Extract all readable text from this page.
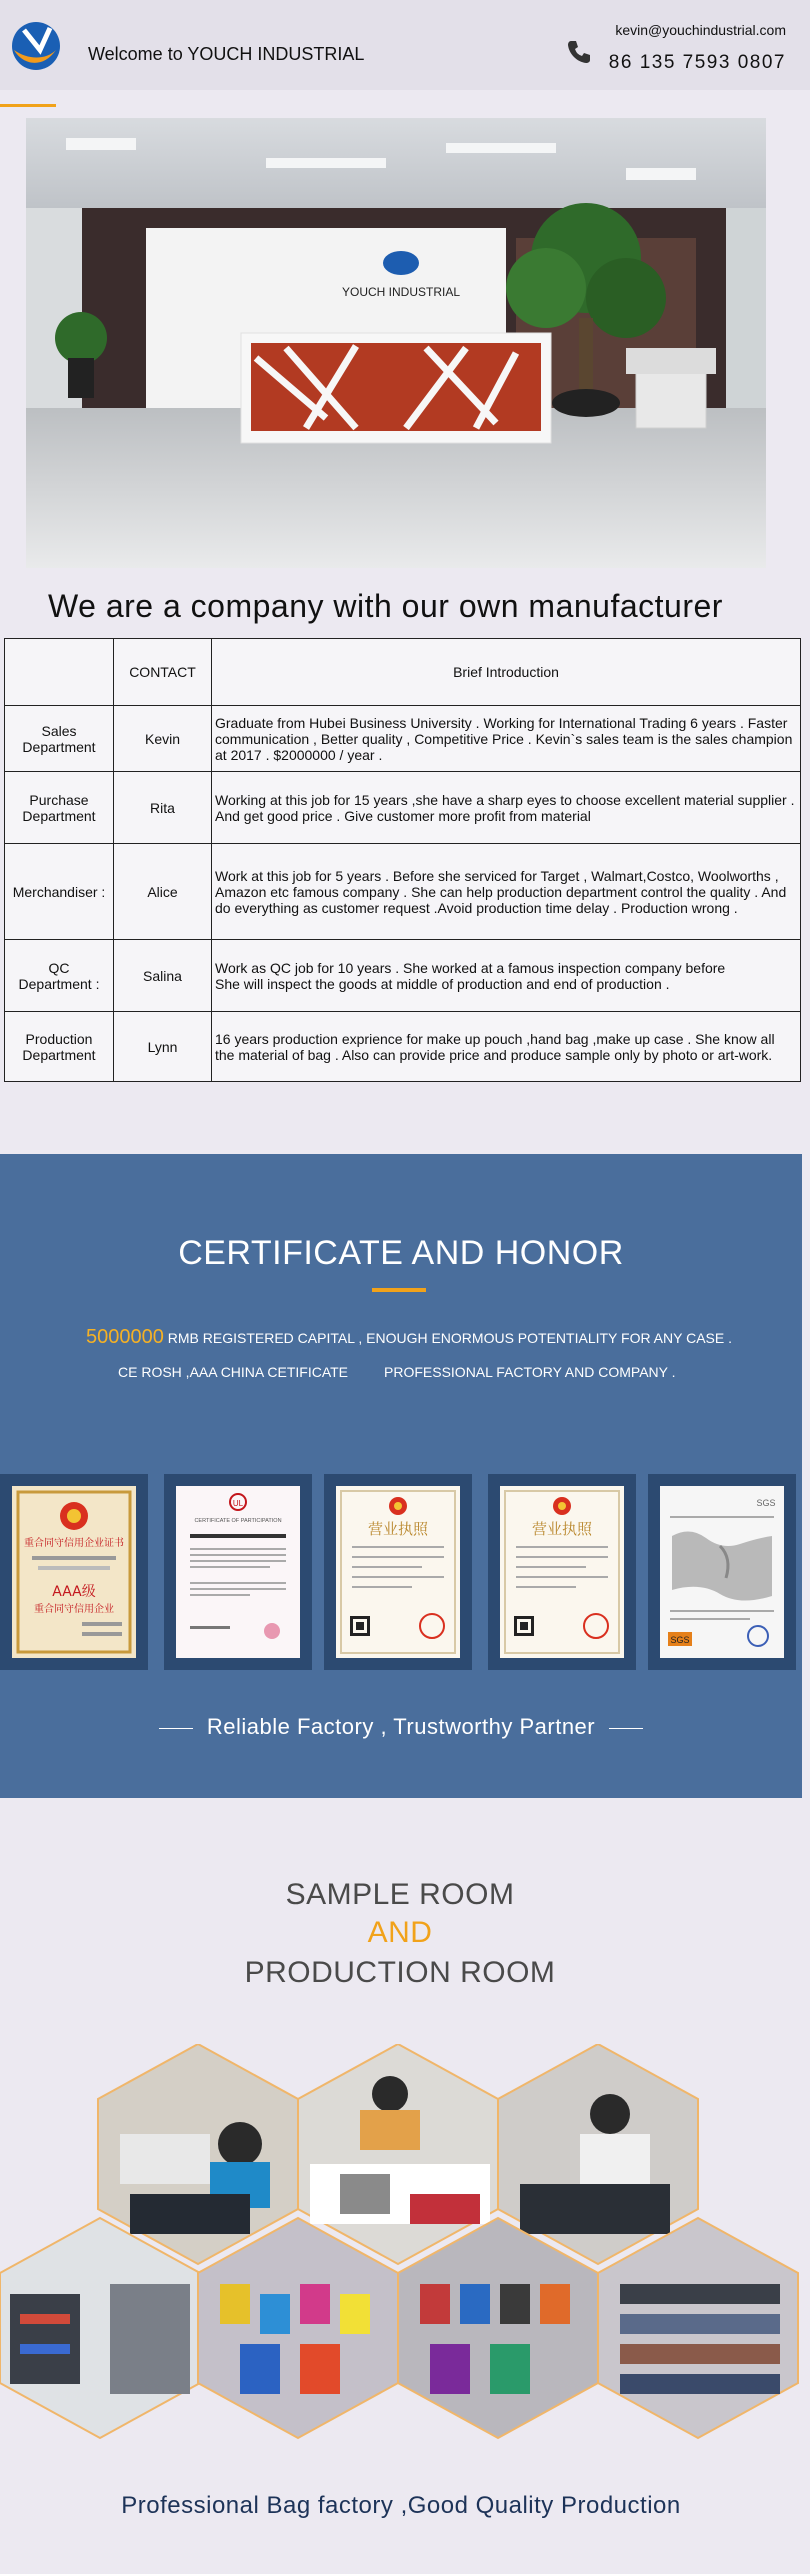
Welcome to YOUCH INDUSTRIAL
kevin@youchindustrial.com
86 135 7593 0807
YOUCH INDUSTRIAL
We are a company with our own manufacturer
	CONTACT	Brief Introduction
Sales
Department	Kevin	Graduate from Hubei Business University . Working for International Trading 6 years . Faster communication , Better quality , Competitive Price . Kevin`s sales team is the sales champion at 2017 . $2000000 / year .
Purchase
Department	Rita	Working at this job for 15 years ,she have a sharp eyes to choose excellent material supplier . And get good price . Give customer more profit from material
Merchandiser :	Alice	Work at this job for 5 years . Before she serviced for Target , Walmart,Costco, Woolworths , Amazon etc famous company . She can help production department control the quality . And do everything as customer request .Avoid production time delay . Production wrong .
QC
Department :	Salina	Work as QC job for 10 years . She worked at a famous inspection company before
She will inspect the goods at middle of production and end of production .
Production
Department	Lynn	16 years production exprience for make up pouch ,hand bag ,make up case . She know all the material of bag . Also can provide price and produce sample only by photo or art-work.
CERTIFICATE AND HONOR
5000000 RMB REGISTERED CAPITAL , ENOUGH ENORMOUS POTENTIALITY FOR ANY CASE .
CE ROSH ,AAA CHINA CETIFICATE	PROFESSIONAL FACTORY AND COMPANY .
重合同守信用企业证书
AAA级
重合同守信用企业
UL
CERTIFICATE OF PARTICIPATION	营业执照	营业执照
SGS
SGS
Reliable Factory , Trustworthy Partner
SAMPLE ROOM
AND
PRODUCTION ROOM
Professional Bag factory ,Good Quality Production
